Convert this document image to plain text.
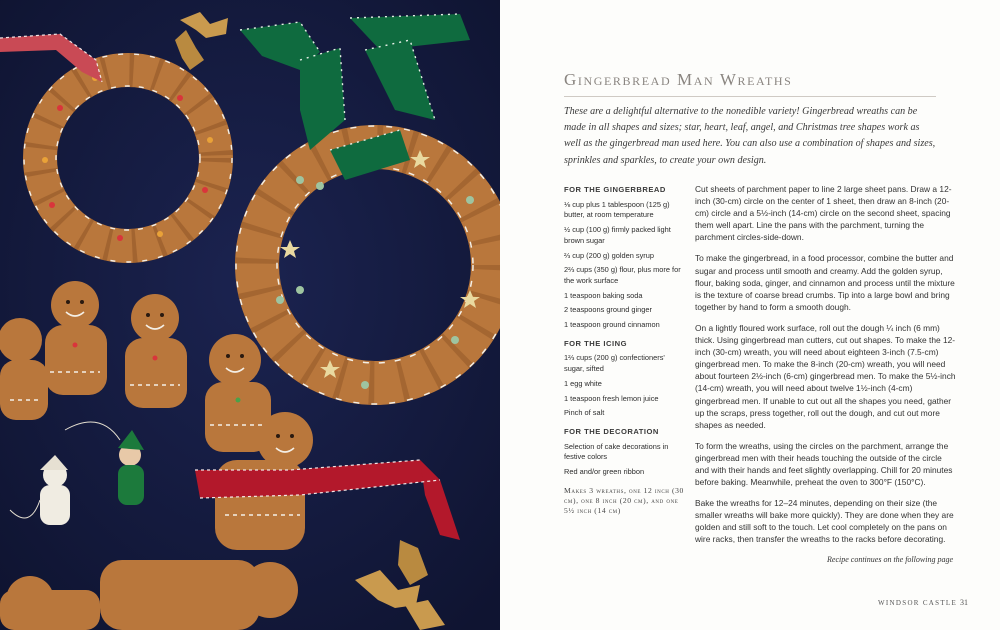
Gingerbread Man Wreaths

These are a delightful alternative to the nonedible variety! Gingerbread wreaths can be made in all shapes and sizes; star, heart, leaf, angel, and Christmas tree shapes work as well as the gingerbread man used here. You can also use a combination of shapes and sizes, sprinkles and sparkles, to create your own design.

FOR THE GINGERBREAD
⅛ cup plus 1 tablespoon (125 g) butter, at room temperature
½ cup (100 g) firmly packed light brown sugar
⅔ cup (200 g) golden syrup
2⅔ cups (350 g) flour, plus more for the work surface
1 teaspoon baking soda
2 teaspoons ground ginger
1 teaspoon ground cinnamon
FOR THE ICING
1⅔ cups (200 g) confectioners' sugar, sifted
1 egg white
1 teaspoon fresh lemon juice
Pinch of salt
FOR THE DECORATION
Selection of cake decorations in festive colors
Red and/or green ribbon
Makes 3 wreaths, one 12 inch (30 cm), one 8 inch (20 cm), and one 5½ inch (14 cm)

Cut sheets of parchment paper to line 2 large sheet pans. Draw a 12-inch (30-cm) circle on the center of 1 sheet, then draw an 8-inch (20-cm) circle and a 5½-inch (14-cm) circle on the second sheet, spacing them well apart. Line the pans with the parchment, turning the parchment circles-side-down.

To make the gingerbread, in a food processor, combine the butter and sugar and process until smooth and creamy. Add the golden syrup, flour, baking soda, ginger, and cinnamon and process until the mixture is the texture of coarse bread crumbs. Tip into a large bowl and bring together by hand to form a smooth dough.

On a lightly floured work surface, roll out the dough ¼ inch (6 mm) thick. Using gingerbread man cutters, cut out shapes. To make the 12-inch (30-cm) wreath, you will need about eighteen 3-inch (7.5-cm) gingerbread men. To make the 8-inch (20-cm) wreath, you will need about fourteen 2½-inch (6-cm) gingerbread men. To make the 5½-inch (14-cm) wreath, you will need about twelve 1½-inch (4-cm) gingerbread men. If unable to cut out all the shapes you need, gather up the scraps, press together, roll out the dough, and cut out more shapes as needed.

To form the wreaths, using the circles on the parchment, arrange the gingerbread men with their heads touching the outside of the circle and with their hands and feet slightly overlapping. Chill for 20 minutes before baking. Meanwhile, preheat the oven to 300°F (150°C).

Bake the wreaths for 12–24 minutes, depending on their size (the smaller wreaths will bake more quickly). They are done when they are golden and still soft to the touch. Let cool completely on the pans on wire racks, then transfer the wreaths to the racks before decorating.

Recipe continues on the following page
WINDSOR CASTLE 31
